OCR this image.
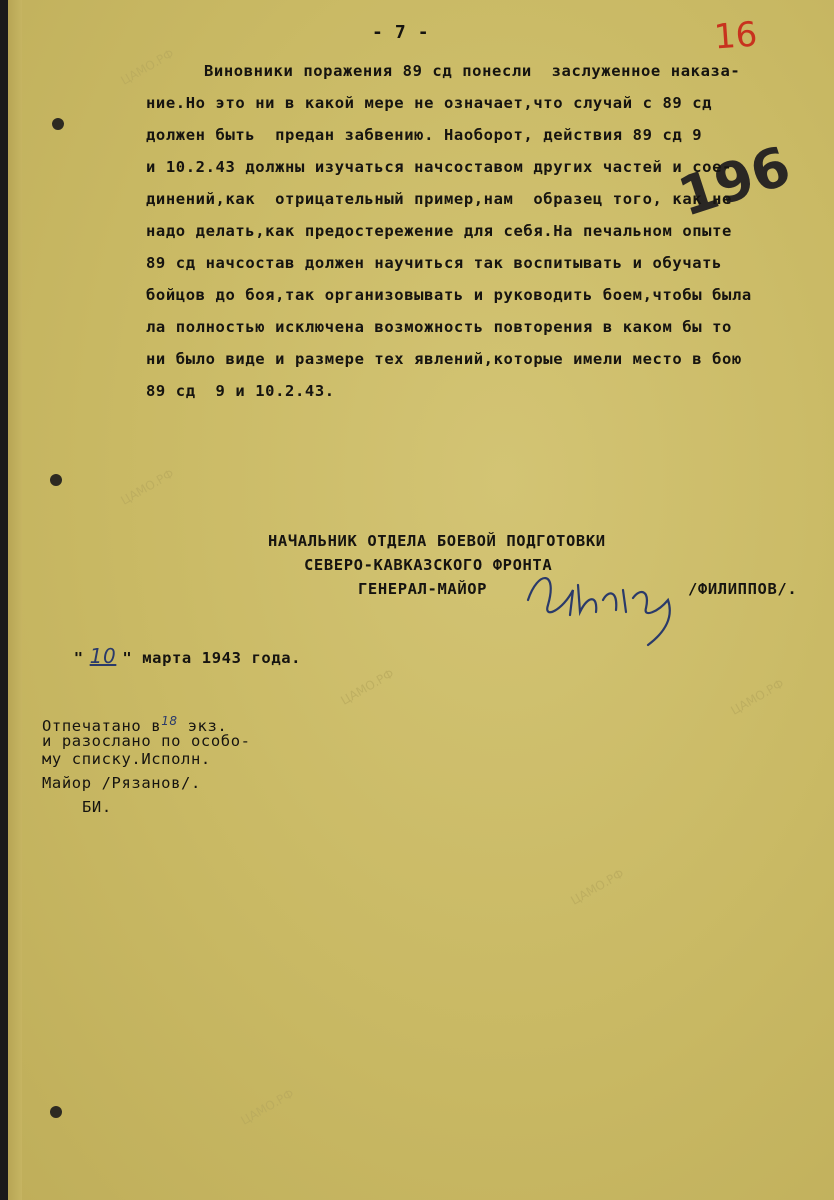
ЦАМО.РФ
ЦАМО.РФ
ЦАМО.РФ	ЦАМО.РФ
ЦАМО.РФ
ЦАМО.РФ
- 7 -	16
196
Виновники поражения 89 сд понесли  заслуженное наказа-
ние.Но это ни в какой мере не означает,что случай с 89 сд
должен быть  предан забвению. Наоборот, действия 89 сд 9
и 10.2.43 должны изучаться начсоставом других частей и сое-
динений,как  отрицательный пример,нам  образец того, как не
надо делать,как предостережение для себя.На печальном опыте
89 сд начсостав должен научиться так воспитывать и обучать
бойцов до боя,так организовывать и руководить боем,чтобы была
ла полностью исключена возможность повторения в каком бы то
ни было виде и размере тех явлений,которые имели место в бою
89 сд  9 и 10.2.43.
НАЧАЛЬНИК ОТДЕЛА БОЕВОЙ ПОДГОТОВКИ
СЕВЕРО-КАВКАЗСКОГО ФРОНТА
ГЕНЕРАЛ-МАЙОР	/ФИЛИППОВ/.

" 10 " марта 1943 года.

Отпечатано $в^{18}$ экз.
и разослано по особо-
му списку.Исполн.
Майор /Рязанов/.
БИ.
